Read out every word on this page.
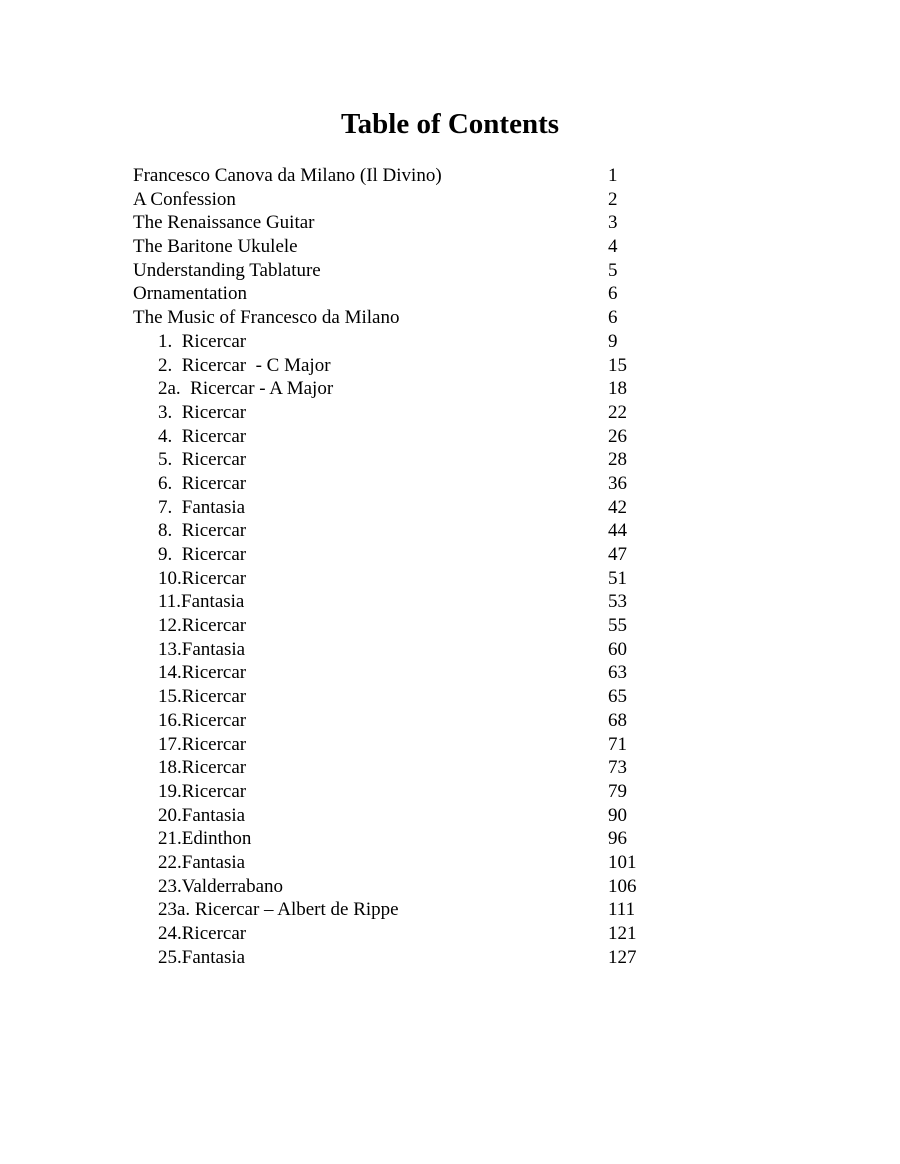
Table of Contents
Francesco Canova da Milano (Il Divino)	1
A Confession	2
The Renaissance Guitar	3
The Baritone Ukulele	4
Understanding Tablature	5
Ornamentation	6
The Music of Francesco da Milano	6
1.  Ricercar	9
2.  Ricercar  - C Major	15
2a.  Ricercar - A Major	18
3.  Ricercar	22
4.  Ricercar	26
5.  Ricercar	28
6.  Ricercar	36
7.  Fantasia	42
8.  Ricercar	44
9.  Ricercar	47
10.Ricercar	51
11.Fantasia	53
12.Ricercar	55
13.Fantasia	60
14.Ricercar	63
15.Ricercar	65
16.Ricercar	68
17.Ricercar	71
18.Ricercar	73
19.Ricercar	79
20.Fantasia	90
21.Edinthon	96
22.Fantasia	101
23.Valderrabano	106
23a. Ricercar – Albert de Rippe	111
24.Ricercar	121
25.Fantasia	127
